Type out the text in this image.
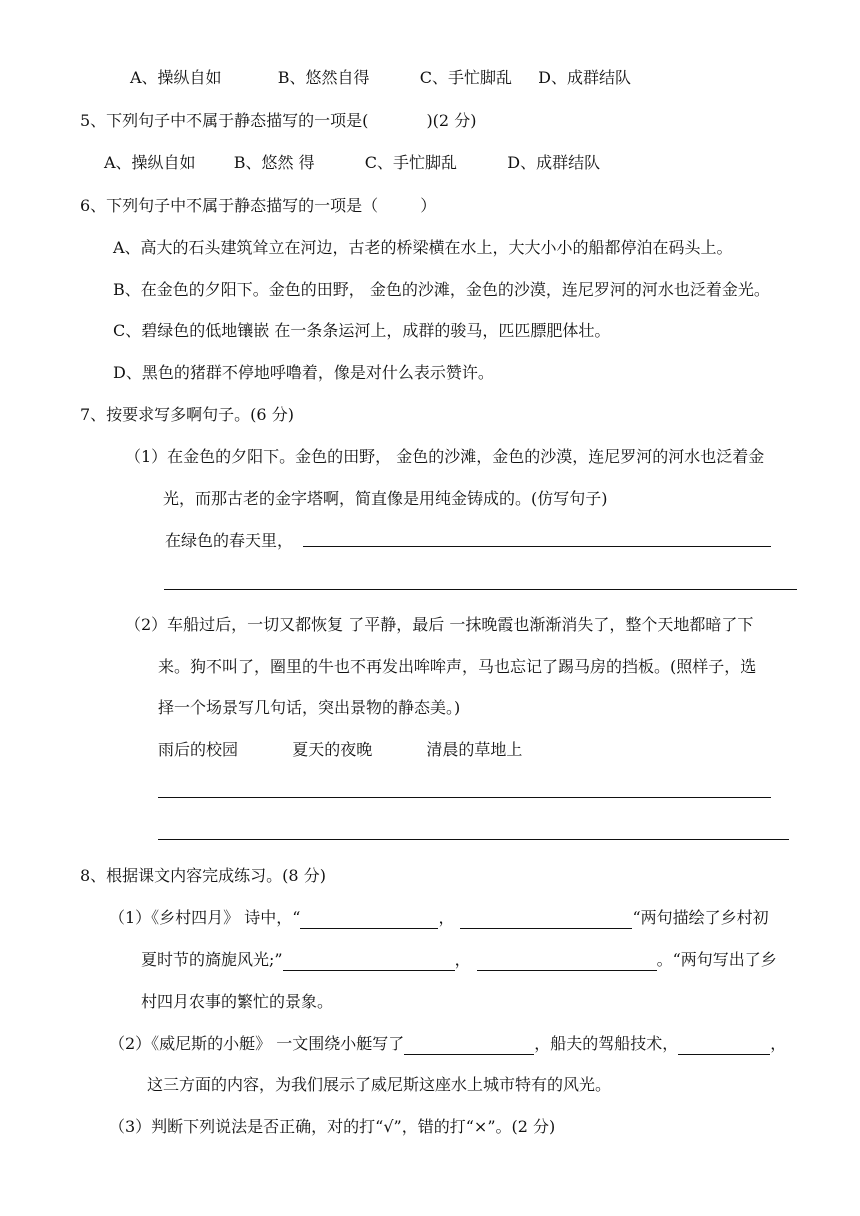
A、操纵自如	B、悠然自得	C、手忙脚乱 D、成群结队
5、下列句子中不属于静态描写的一项是(	)(2 分)
A、操纵自如 B、悠然 得	C、手忙脚乱	D、成群结队
6、下列句子中不属于静态描写的一项是（	）
A、高大的石头建筑耸立在河边，古老的桥梁横在水上，大大小小的船都停泊在码头上。
B、在金色的夕阳下。金色的田野， 金色的沙滩，金色的沙漠，连尼罗河的河水也泛着金光。
C、碧绿色的低地镶嵌 在一条条运河上，成群的骏马，匹匹膘肥体壮。
D、黑色的猪群不停地呼噜着，像是对什么表示赞许。
7、按要求写多啊句子。(6 分)
（1）在金色的夕阳下。金色的田野， 金色的沙滩，金色的沙漠，连尼罗河的河水也泛着金
光，而那古老的金字塔啊，简直像是用纯金铸成的。(仿写句子)
在绿色的春天里，
（2）车船过后，一切又都恢复 了平静，最后 一抹晚霞也渐渐消失了，整个天地都暗了下
来。狗不叫了，圈里的牛也不再发出哞哞声，马也忘记了踢马房的挡板。(照样子，选
择一个场景写几句话，突出景物的静态美。)
雨后的校园	夏天的夜晚	清晨的草地上
8、根据课文内容完成练习。(8 分)
（1）《乡村四月》 诗中，“	，	“两句描绘了乡村初
夏时节的旖旎风光;”	，	。“两句写出了乡
村四月农事的繁忙的景象。
（2）《威尼斯的小艇》 一文围绕小艇写了	，船夫的驾船技术，	，
这三方面的内容，为我们展示了威尼斯这座水上城市特有的风光。
（3）判断下列说法是否正确，对的打“√”，错的打“×”。(2 分)
